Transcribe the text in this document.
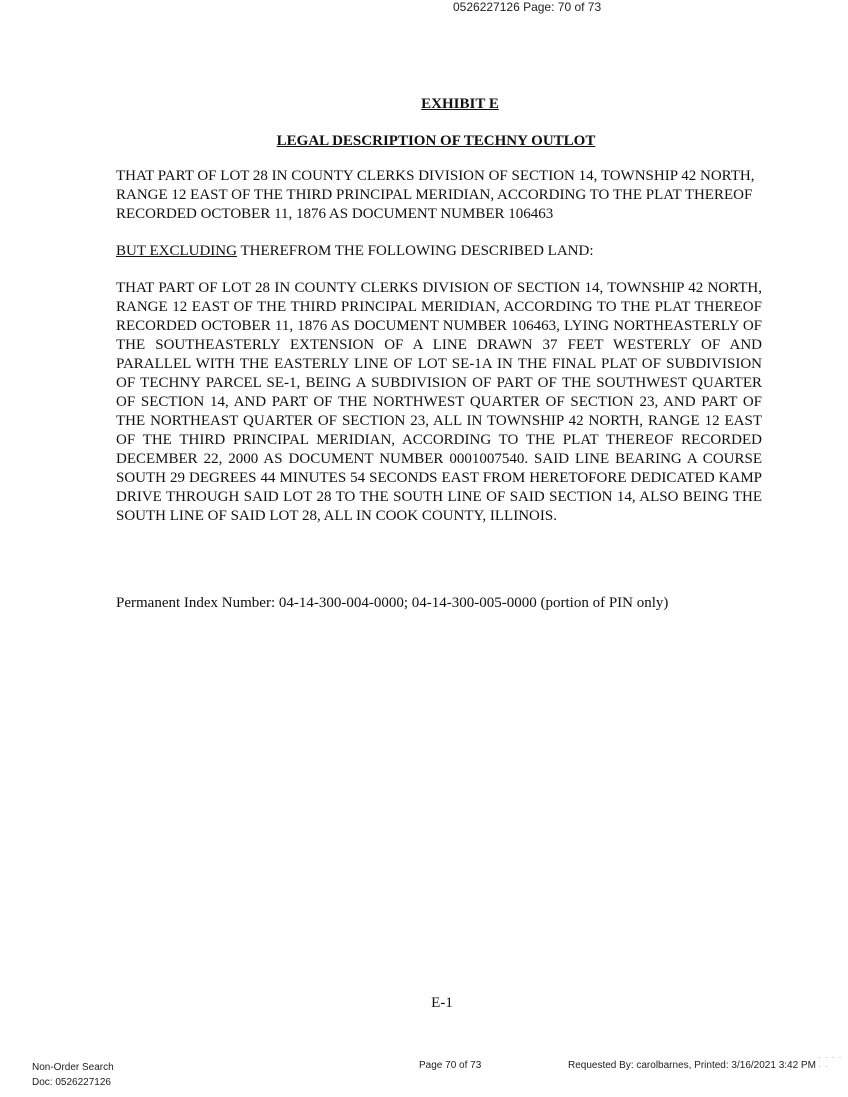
0526227126 Page: 70 of 73
EXHIBIT E
LEGAL DESCRIPTION OF TECHNY OUTLOT
THAT PART OF LOT 28 IN COUNTY CLERKS DIVISION OF SECTION 14, TOWNSHIP 42 NORTH, RANGE 12 EAST OF THE THIRD PRINCIPAL MERIDIAN, ACCORDING TO THE PLAT THEREOF RECORDED OCTOBER 11, 1876 AS DOCUMENT NUMBER 106463
BUT EXCLUDING THEREFROM THE FOLLOWING DESCRIBED LAND:
THAT PART OF LOT 28 IN COUNTY CLERKS DIVISION OF SECTION 14, TOWNSHIP 42 NORTH, RANGE 12 EAST OF THE THIRD PRINCIPAL MERIDIAN, ACCORDING TO THE PLAT THEREOF RECORDED OCTOBER 11, 1876 AS DOCUMENT NUMBER 106463, LYING NORTHEASTERLY OF THE SOUTHEASTERLY EXTENSION OF A LINE DRAWN 37 FEET WESTERLY OF AND PARALLEL WITH THE EASTERLY LINE OF LOT SE-1A IN THE FINAL PLAT OF SUBDIVISION OF TECHNY PARCEL SE-1, BEING A SUBDIVISION OF PART OF THE SOUTHWEST QUARTER OF SECTION 14, AND PART OF THE NORTHWEST QUARTER OF SECTION 23, AND PART OF THE NORTHEAST QUARTER OF SECTION 23, ALL IN TOWNSHIP 42 NORTH, RANGE 12 EAST OF THE THIRD PRINCIPAL MERIDIAN, ACCORDING TO THE PLAT THEREOF RECORDED DECEMBER 22, 2000 AS DOCUMENT NUMBER 0001007540. SAID LINE BEARING A COURSE SOUTH 29 DEGREES 44 MINUTES 54 SECONDS EAST FROM HERETOFORE DEDICATED KAMP DRIVE THROUGH SAID LOT 28 TO THE SOUTH LINE OF SAID SECTION 14, ALSO BEING THE SOUTH LINE OF SAID LOT 28, ALL IN COOK COUNTY, ILLINOIS.
Permanent Index Number: 04-14-300-004-0000; 04-14-300-005-0000 (portion of PIN only)
E-1
Non-Order Search
Doc: 0526227126
Page 70 of 73	Requested By: carolbarnes, Printed: 3/16/2021 3:42 PM
· · · · · ·
